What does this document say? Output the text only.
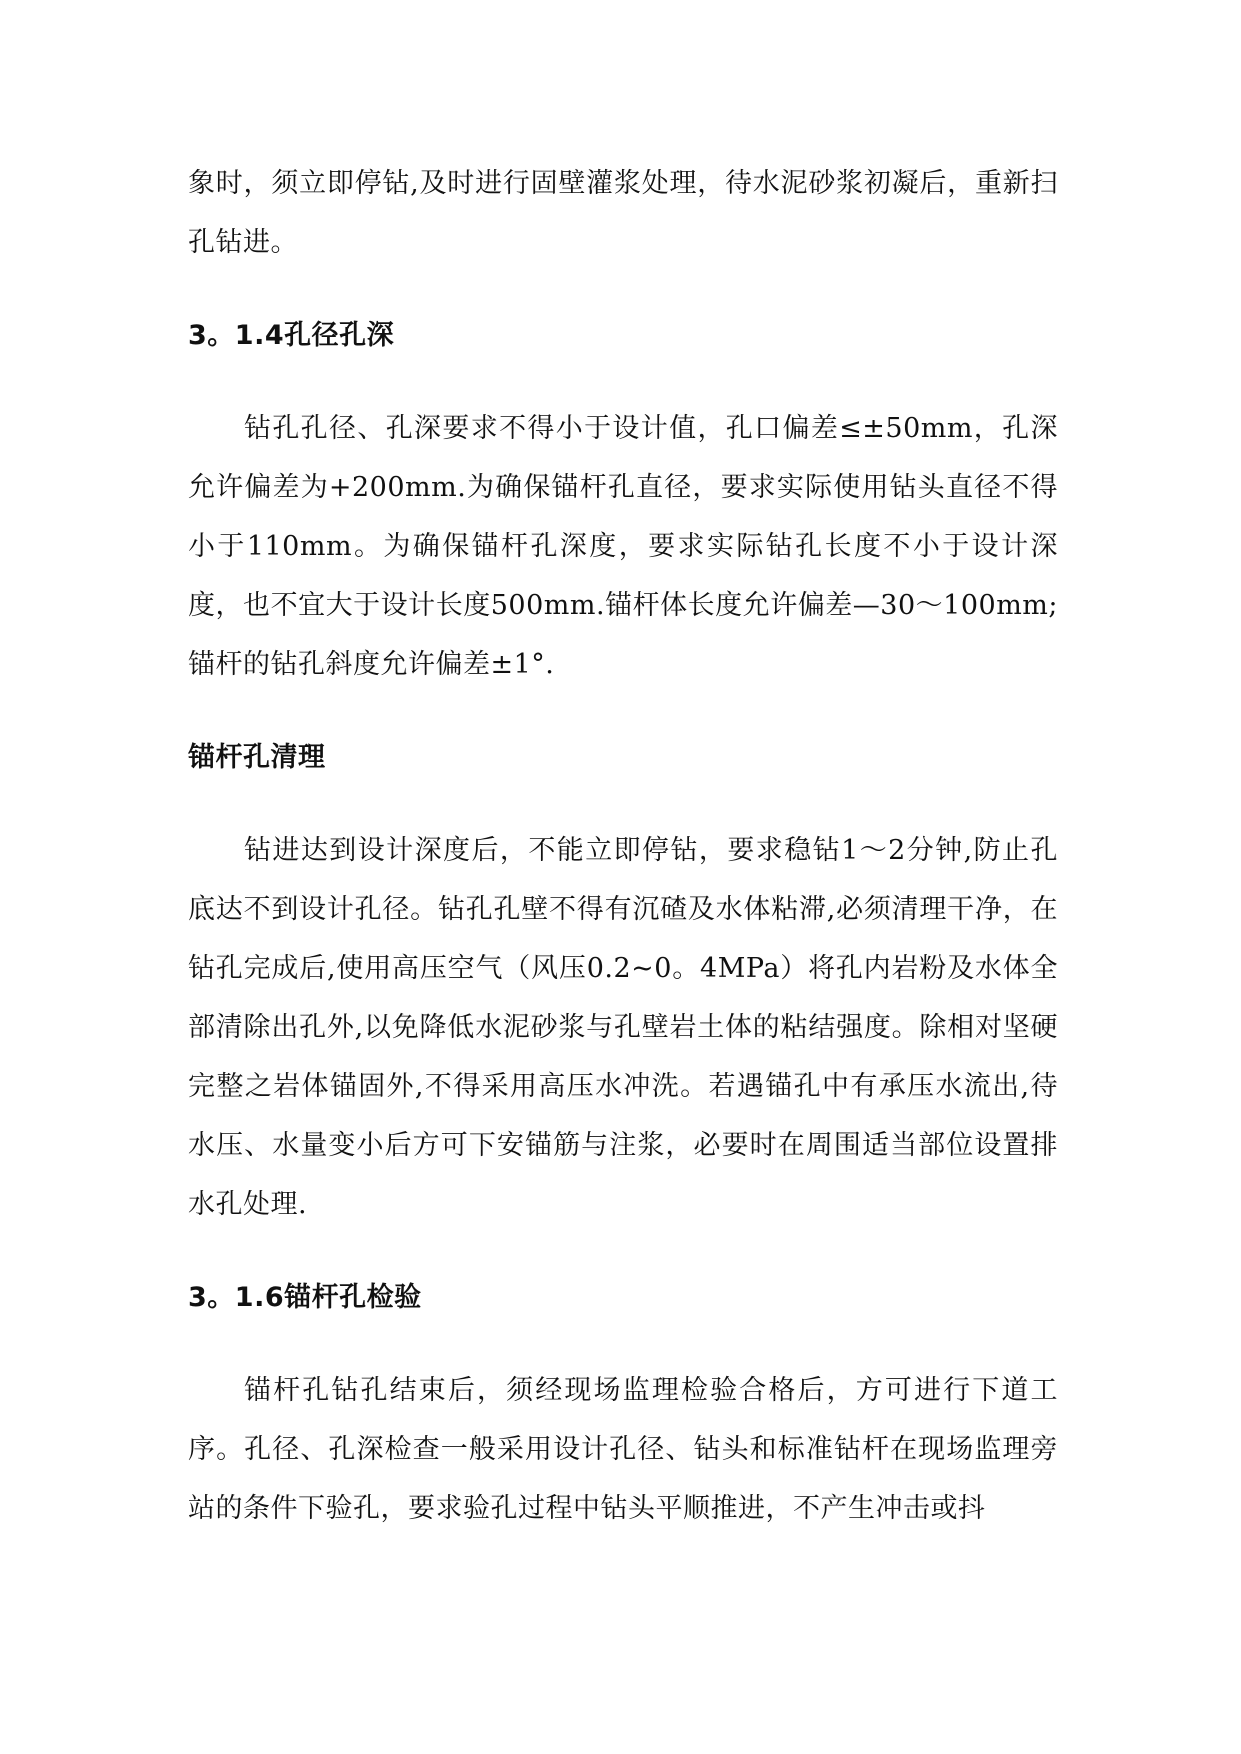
象时，须立即停钻,及时进行固壁灌浆处理，待水泥砂浆初凝后，重新扫孔钻进。

3。1.4孔径孔深

钻孔孔径、孔深要求不得小于设计值，孔口偏差≤±50mm，孔深允许偏差为+200mm.为确保锚杆孔直径，要求实际使用钻头直径不得小于110mm。为确保锚杆孔深度，要求实际钻孔长度不小于设计深度，也不宜大于设计长度500mm.锚杆体长度允许偏差—30～100mm;锚杆的钻孔斜度允许偏差±1°.

锚杆孔清理

钻进达到设计深度后，不能立即停钻，要求稳钻1～2分钟,防止孔底达不到设计孔径。钻孔孔壁不得有沉碴及水体粘滞,必须清理干净，在钻孔完成后,使用高压空气（风压0.2~0。4MPa）将孔内岩粉及水体全部清除出孔外,以免降低水泥砂浆与孔壁岩土体的粘结强度。除相对坚硬完整之岩体锚固外,不得采用高压水冲洗。若遇锚孔中有承压水流出,待水压、水量变小后方可下安锚筋与注浆，必要时在周围适当部位设置排水孔处理.

3。1.6锚杆孔检验

锚杆孔钻孔结束后，须经现场监理检验合格后，方可进行下道工序。孔径、孔深检查一般采用设计孔径、钻头和标准钻杆在现场监理旁站的条件下验孔，要求验孔过程中钻头平顺推进，不产生冲击或抖
